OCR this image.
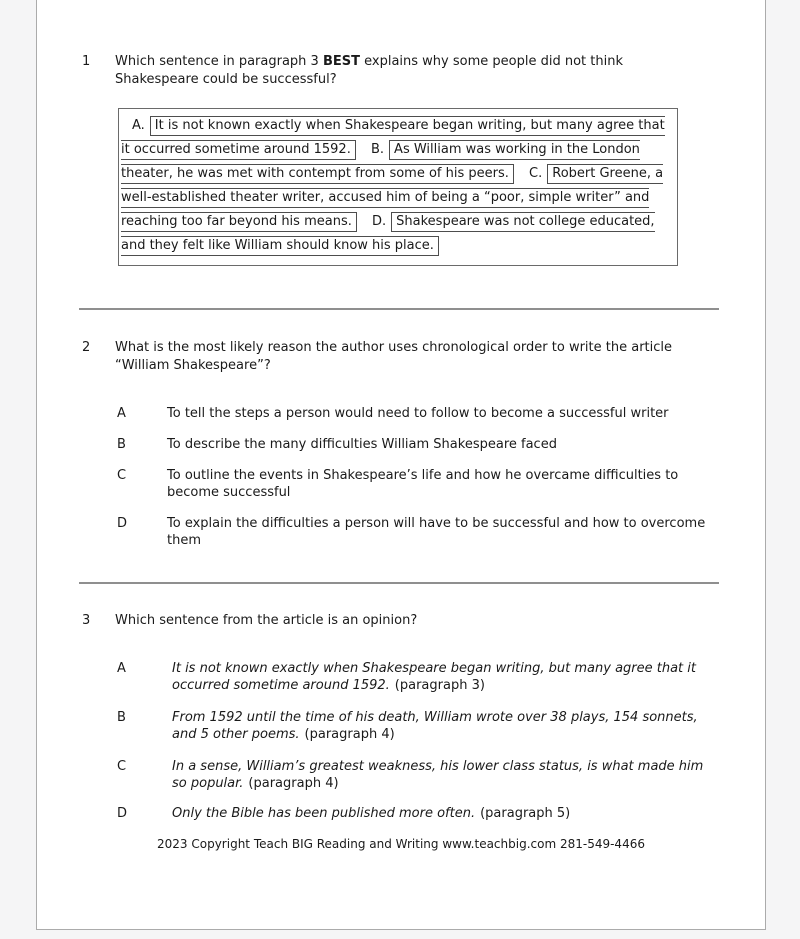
1	Which sentence in paragraph 3 BEST explains why some people did not think Shakespeare could be successful?
A. It is not known exactly when Shakespeare began writing, but many agree that it occurred sometime around 1592. B. As William was working in the London theater, he was met with contempt from some of his peers. C. Robert Greene, a well-established theater writer, accused him of being a “poor, simple writer” and reaching too far beyond his means. D. Shakespeare was not college educated, and they felt like William should know his place.
2	What is the most likely reason the author uses chronological order to write the article “William Shakespeare”?
A	To tell the steps a person would need to follow to become a successful writer
B	To describe the many difficulties William Shakespeare faced
C	To outline the events in Shakespeare’s life and how he overcame difficulties to become successful
D	To explain the difficulties a person will have to be successful and how to overcome them
3	Which sentence from the article is an opinion?
A	It is not known exactly when Shakespeare began writing, but many agree that it occurred sometime around 1592. (paragraph 3)
B	From 1592 until the time of his death, William wrote over 38 plays, 154 sonnets, and 5 other poems. (paragraph 4)
C	In a sense, William’s greatest weakness, his lower class status, is what made him so popular. (paragraph 4)
D	Only the Bible has been published more often. (paragraph 5)
2023 Copyright Teach BIG Reading and Writing www.teachbig.com 281-549-4466
